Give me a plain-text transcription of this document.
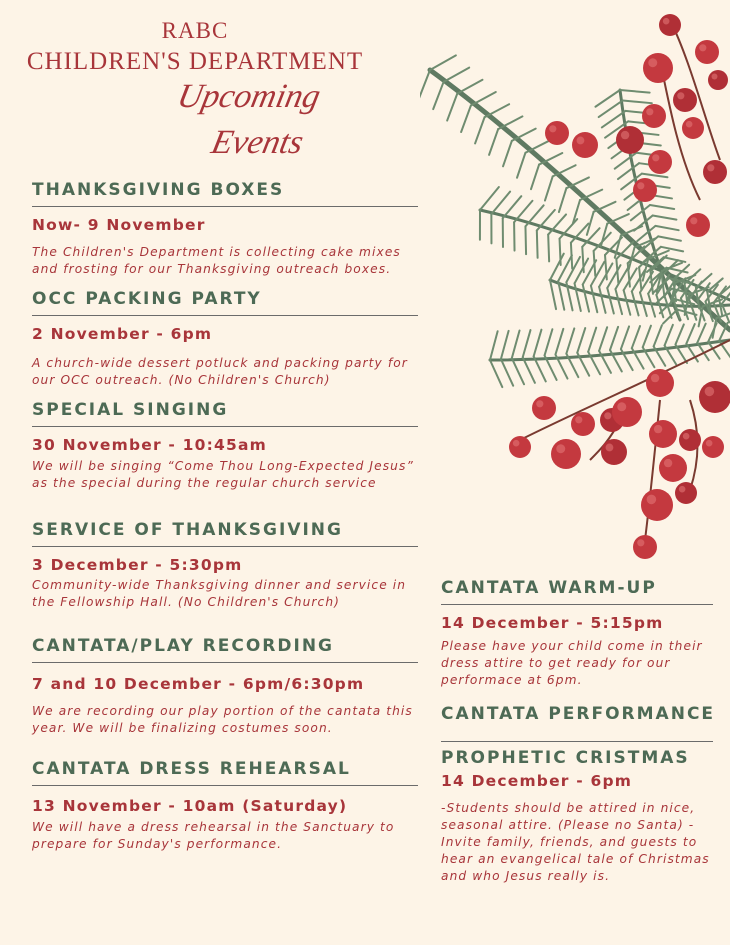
RABC
CHILDREN'S DEPARTMENT
Upcoming
Events
THANKSGIVING BOXES
Now- 9 November
The Children's Department is collecting cake mixes and frosting for our Thanksgiving outreach boxes.
OCC PACKING PARTY
2 November - 6pm
A church-wide dessert potluck and packing party for our OCC outreach. (No Children's Church)
SPECIAL SINGING
30 November - 10:45am
We will be singing “Come Thou Long-Expected Jesus” as the special during the regular church service
SERVICE OF THANKSGIVING
3 December - 5:30pm
Community-wide Thanksgiving dinner and service in the Fellowship Hall. (No Children's Church)
CANTATA/PLAY RECORDING
7 and 10 December - 6pm/6:30pm
We are recording our play portion of the cantata this year. We will be finalizing costumes soon.
CANTATA DRESS REHEARSAL
13 November - 10am (Saturday)
We will have a dress rehearsal in the Sanctuary to prepare for Sunday's performance.
CANTATA WARM-UP
14 December - 5:15pm
Please have your child come in their dress attire to get ready for our performace at 6pm.
CANTATA PERFORMANCE
PROPHETIC CRISTMAS
14 December - 6pm
-Students should be attired in nice, seasonal attire. (Please no Santa) -Invite family, friends, and guests to hear an evangelical tale of Christmas and who Jesus really is.
